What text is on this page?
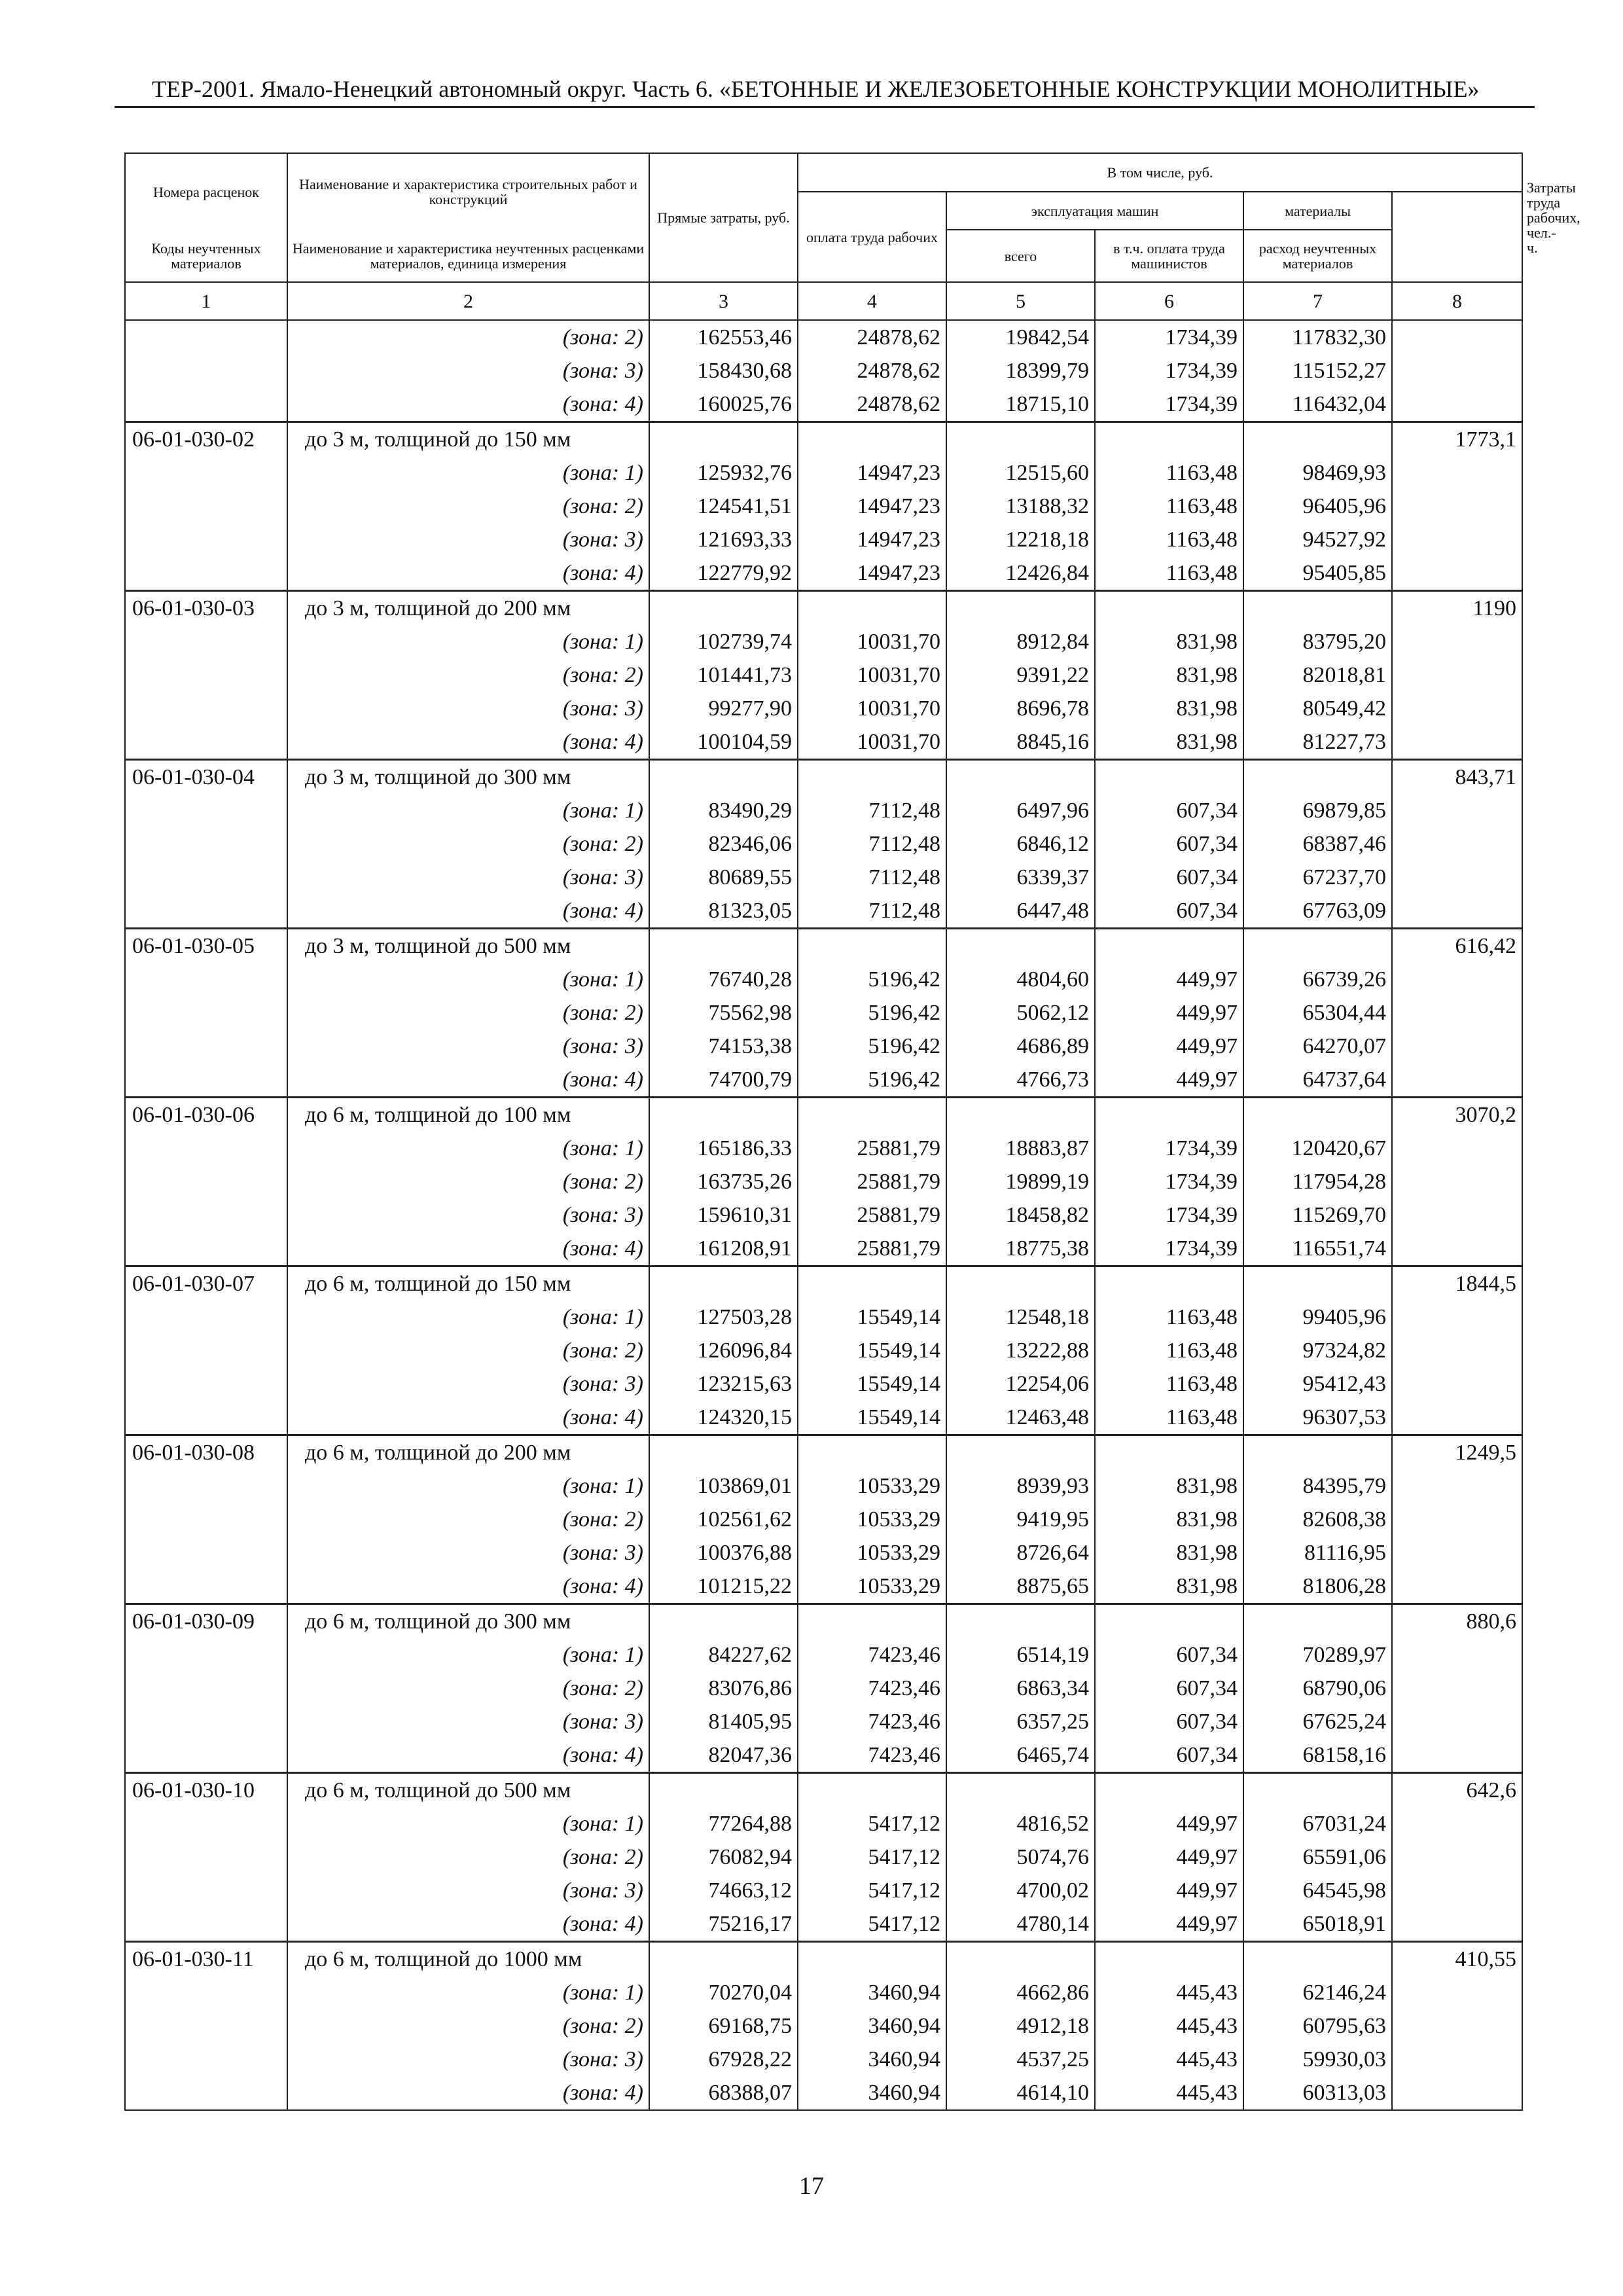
ТЕР-2001. Ямало-Ненецкий автономный округ. Часть 6. «БЕТОННЫЕ И ЖЕЛЕЗОБЕТОННЫЕ КОНСТРУКЦИИ МОНОЛИТНЫЕ»
Номера расценок	Наименование и характеристика строительных работ и конструкций	Прямые затраты, руб.	В том числе, руб.					Затраты труда рабочих, чел.-ч.
			оплата труда рабочих	эксплуатация машин		материалы	
Коды неучтенных материалов	Наименование и характеристика неучтенных расценками материалов, единица измерения			всего	в т.ч. оплата труда машинистов	расход неучтенных материалов		
1	2	3	4	5	6	7	8	
	(зона: 2)	162553,46	24878,62	19842,54	1734,39	117832,30		
	(зона: 3)	158430,68	24878,62	18399,79	1734,39	115152,27		
	(зона: 4)	160025,76	24878,62	18715,10	1734,39	116432,04		
06-01-030-02	до 3 м, толщиной до 150 мм						1773,1	
	(зона: 1)	125932,76	14947,23	12515,60	1163,48	98469,93		
	(зона: 2)	124541,51	14947,23	13188,32	1163,48	96405,96		
	(зона: 3)	121693,33	14947,23	12218,18	1163,48	94527,92		
	(зона: 4)	122779,92	14947,23	12426,84	1163,48	95405,85		
06-01-030-03	до 3 м, толщиной до 200 мм						1190	
	(зона: 1)	102739,74	10031,70	8912,84	831,98	83795,20		
	(зона: 2)	101441,73	10031,70	9391,22	831,98	82018,81		
	(зона: 3)	99277,90	10031,70	8696,78	831,98	80549,42		
	(зона: 4)	100104,59	10031,70	8845,16	831,98	81227,73		
06-01-030-04	до 3 м, толщиной до 300 мм						843,71	
	(зона: 1)	83490,29	7112,48	6497,96	607,34	69879,85		
	(зона: 2)	82346,06	7112,48	6846,12	607,34	68387,46		
	(зона: 3)	80689,55	7112,48	6339,37	607,34	67237,70		
	(зона: 4)	81323,05	7112,48	6447,48	607,34	67763,09		
06-01-030-05	до 3 м, толщиной до 500 мм						616,42	
	(зона: 1)	76740,28	5196,42	4804,60	449,97	66739,26		
	(зона: 2)	75562,98	5196,42	5062,12	449,97	65304,44		
	(зона: 3)	74153,38	5196,42	4686,89	449,97	64270,07		
	(зона: 4)	74700,79	5196,42	4766,73	449,97	64737,64		
06-01-030-06	до 6 м, толщиной до 100 мм						3070,2	
	(зона: 1)	165186,33	25881,79	18883,87	1734,39	120420,67		
	(зона: 2)	163735,26	25881,79	19899,19	1734,39	117954,28		
	(зона: 3)	159610,31	25881,79	18458,82	1734,39	115269,70		
	(зона: 4)	161208,91	25881,79	18775,38	1734,39	116551,74		
06-01-030-07	до 6 м, толщиной до 150 мм						1844,5	
	(зона: 1)	127503,28	15549,14	12548,18	1163,48	99405,96		
	(зона: 2)	126096,84	15549,14	13222,88	1163,48	97324,82		
	(зона: 3)	123215,63	15549,14	12254,06	1163,48	95412,43		
	(зона: 4)	124320,15	15549,14	12463,48	1163,48	96307,53		
06-01-030-08	до 6 м, толщиной до 200 мм						1249,5	
	(зона: 1)	103869,01	10533,29	8939,93	831,98	84395,79		
	(зона: 2)	102561,62	10533,29	9419,95	831,98	82608,38		
	(зона: 3)	100376,88	10533,29	8726,64	831,98	81116,95		
	(зона: 4)	101215,22	10533,29	8875,65	831,98	81806,28		
06-01-030-09	до 6 м, толщиной до 300 мм						880,6	
	(зона: 1)	84227,62	7423,46	6514,19	607,34	70289,97		
	(зона: 2)	83076,86	7423,46	6863,34	607,34	68790,06		
	(зона: 3)	81405,95	7423,46	6357,25	607,34	67625,24		
	(зона: 4)	82047,36	7423,46	6465,74	607,34	68158,16		
06-01-030-10	до 6 м, толщиной до 500 мм						642,6	
	(зона: 1)	77264,88	5417,12	4816,52	449,97	67031,24		
	(зона: 2)	76082,94	5417,12	5074,76	449,97	65591,06		
	(зона: 3)	74663,12	5417,12	4700,02	449,97	64545,98		
	(зона: 4)	75216,17	5417,12	4780,14	449,97	65018,91		
06-01-030-11	до 6 м, толщиной до 1000 мм						410,55	
	(зона: 1)	70270,04	3460,94	4662,86	445,43	62146,24		
	(зона: 2)	69168,75	3460,94	4912,18	445,43	60795,63		
	(зона: 3)	67928,22	3460,94	4537,25	445,43	59930,03		
	(зона: 4)	68388,07	3460,94	4614,10	445,43	60313,03		
17
